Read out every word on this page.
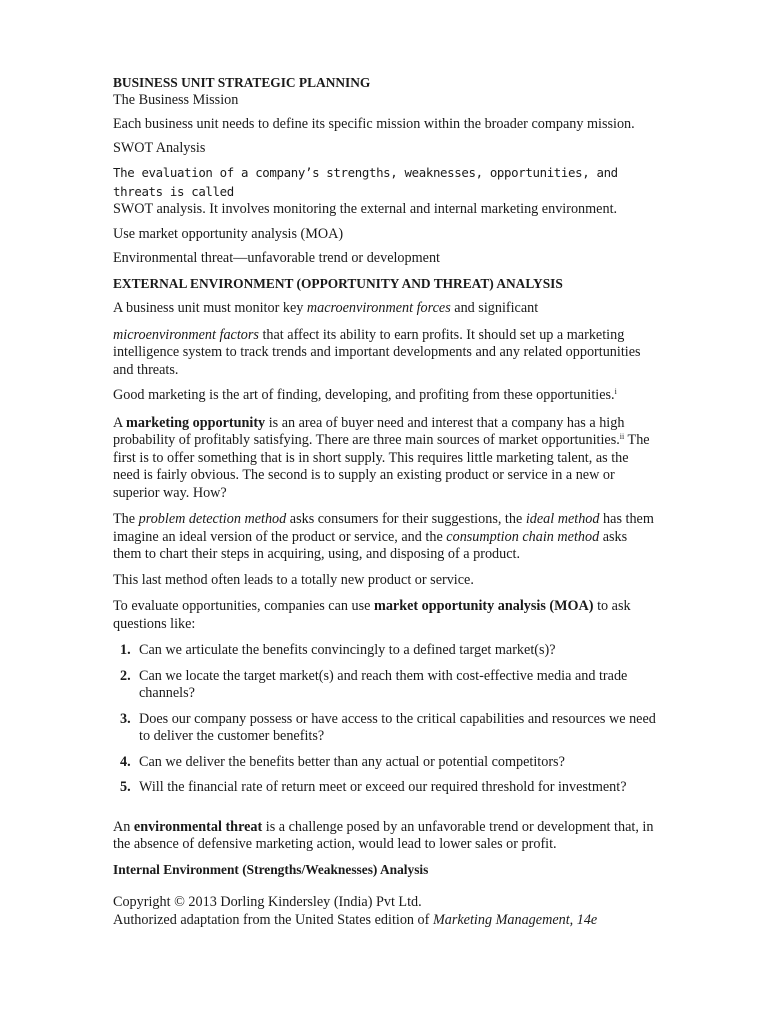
BUSINESS UNIT STRATEGIC PLANNING

The Business Mission

Each business unit needs to define its specific mission within the broader company mission.

SWOT Analysis

The evaluation of a company’s strengths, weaknesses, opportunities, and threats is called
SWOT analysis. It involves monitoring the external and internal marketing environment.

Use market opportunity analysis (MOA)

Environmental threat—unfavorable trend or development

EXTERNAL ENVIRONMENT (OPPORTUNITY AND THREAT) ANALYSIS

A business unit must monitor key macroenvironment forces and significant

microenvironment factors that affect its ability to earn profits. It should set up a marketing intelligence system to track trends and important developments and any related opportunities and threats.

Good marketing is the art of finding, developing, and profiting from these opportunities.$^i$

A marketing opportunity is an area of buyer need and interest that a company has a high probability of profitably satisfying. There are three main sources of market opportunities.$^{ii}$ The first is to offer something that is in short supply. This requires little marketing talent, as the need is fairly obvious. The second is to supply an existing product or service in a new or superior way. How?

The problem detection method asks consumers for their suggestions, the ideal method has them imagine an ideal version of the product or service, and the consumption chain method asks them to chart their steps in acquiring, using, and disposing of a product.

This last method often leads to a totally new product or service.

To evaluate opportunities, companies can use market opportunity analysis (MOA) to ask questions like:

1. Can we articulate the benefits convincingly to a defined target market(s)?
2. Can we locate the target market(s) and reach them with cost-effective media and trade channels?
3. Does our company possess or have access to the critical capabilities and resources we need to deliver the customer benefits?
4. Can we deliver the benefits better than any actual or potential competitors?
5. Will the financial rate of return meet or exceed our required threshold for investment?

An environmental threat is a challenge posed by an unfavorable trend or development that, in the absence of defensive marketing action, would lead to lower sales or profit.

Internal Environment (Strengths/Weaknesses) Analysis

Copyright © 2013 Dorling Kindersley (India) Pvt Ltd.

Authorized adaptation from the United States edition of Marketing Management, 14e
